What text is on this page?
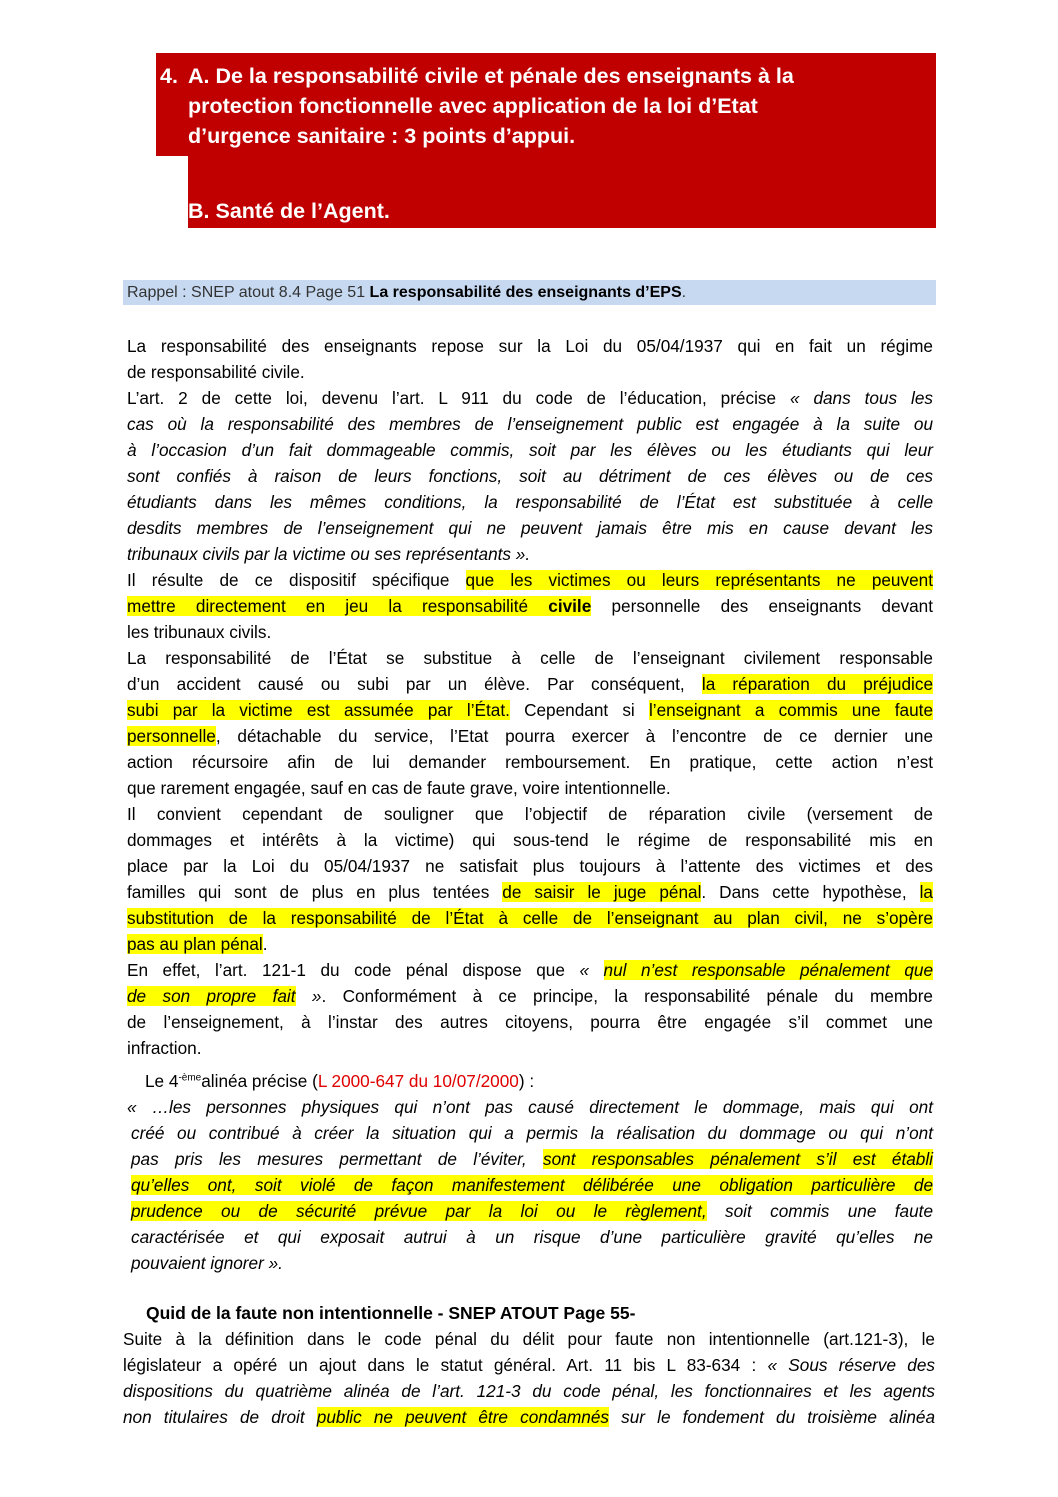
4. A. De la responsabilité civile et pénale des enseignants à la
protection fonctionnelle avec application de la loi d’Etat
d’urgence sanitaire : 3 points d’appui.
B. Santé de l’Agent.
Rappel : SNEP atout 8.4 Page 51 La responsabilité des enseignants d’EPS.
La responsabilité des enseignants repose sur la Loi du 05/04/1937 qui en fait un régime
de responsabilité civile.
L’art. 2 de cette loi, devenu l’art. L 911 du code de l’éducation, précise « dans tous les
cas où la responsabilité des membres de l’enseignement public est engagée à la suite ou
à l’occasion d’un fait dommageable commis, soit par les élèves ou les étudiants qui leur
sont confiés à raison de leurs fonctions, soit au détriment de ces élèves ou de ces
étudiants dans les mêmes conditions, la responsabilité de l’État est substituée à celle
desdits membres de l’enseignement qui ne peuvent jamais être mis en cause devant les
tribunaux civils par la victime ou ses représentants ».
Il résulte de ce dispositif spécifique que les victimes ou leurs représentants ne peuvent
mettre directement en jeu la responsabilité civile personnelle des enseignants devant
les tribunaux civils.
La responsabilité de l’État se substitue à celle de l’enseignant civilement responsable
d’un accident causé ou subi par un élève. Par conséquent, la réparation du préjudice
subi par la victime est assumée par l’État. Cependant si l’enseignant a commis une faute
personnelle, détachable du service, l’Etat pourra exercer à l’encontre de ce dernier une
action récursoire afin de lui demander remboursement. En pratique, cette action n’est
que rarement engagée, sauf en cas de faute grave, voire intentionnelle.
Il convient cependant de souligner que l’objectif de réparation civile (versement de
dommages et intérêts à la victime) qui sous-tend le régime de responsabilité mis en
place par la Loi du 05/04/1937 ne satisfait plus toujours à l’attente des victimes et des
familles qui sont de plus en plus tentées de saisir le juge pénal. Dans cette hypothèse, la
substitution de la responsabilité de l’État à celle de l’enseignant au plan civil, ne s’opère
pas au plan pénal.
En effet, l’art. 121-1 du code pénal dispose que « nul n’est responsable pénalement que
de son propre fait ». Conformément à ce principe, la responsabilité pénale du membre
de l’enseignement, à l’instar des autres citoyens, pourra être engagée s’il commet une
infraction.
Le $4^{-ème}alinéa$ précise (L 2000-647 du 10/07/2000) :
« …les personnes physiques qui n’ont pas causé directement le dommage, mais qui ont
créé ou contribué à créer la situation qui a permis la réalisation du dommage ou qui n’ont
pas pris les mesures permettant de l’éviter, sont responsables pénalement s’il est établi
qu’elles ont, soit violé de façon manifestement délibérée une obligation particulière de
prudence ou de sécurité prévue par la loi ou le règlement, soit commis une faute
caractérisée et qui exposait autrui à un risque d’une particulière gravité qu’elles ne
pouvaient ignorer ».
Quid de la faute non intentionnelle - SNEP ATOUT Page 55-
Suite à la définition dans le code pénal du délit pour faute non intentionnelle (art.121-3), le
législateur a opéré un ajout dans le statut général. Art. 11 bis L 83-634 : « Sous réserve des
dispositions du quatrième alinéa de l’art. 121-3 du code pénal, les fonctionnaires et les agents
non titulaires de droit public ne peuvent être condamnés sur le fondement du troisième alinéa
